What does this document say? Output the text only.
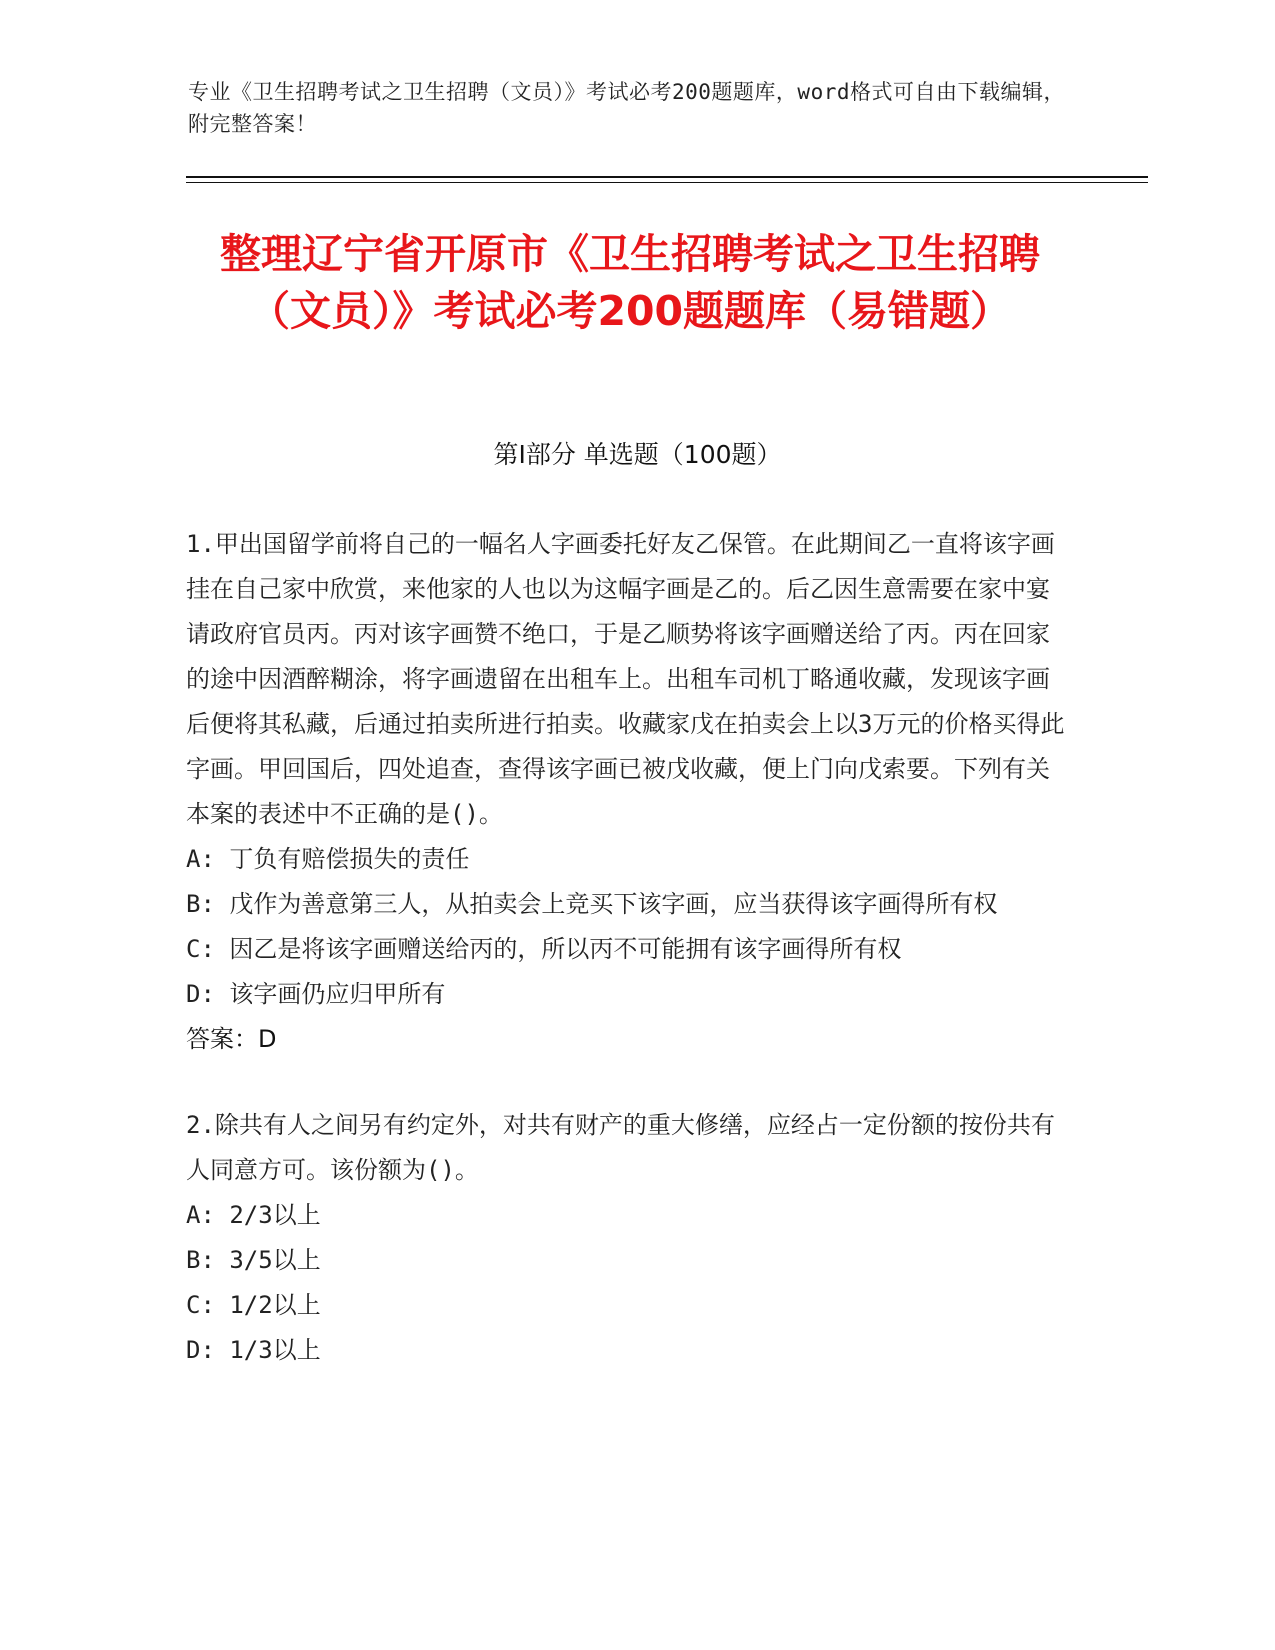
专业《卫生招聘考试之卫生招聘（文员）》考试必考200题题库，word格式可自由下载编辑，附完整答案！
整理辽宁省开原市《卫生招聘考试之卫生招聘（文员）》考试必考200题题库（易错题）
第I部分 单选题（100题）

1.甲出国留学前将自己的一幅名人字画委托好友乙保管。在此期间乙一直将该字画挂在自己家中欣赏，来他家的人也以为这幅字画是乙的。后乙因生意需要在家中宴请政府官员丙。丙对该字画赞不绝口，于是乙顺势将该字画赠送给了丙。丙在回家的途中因酒醉糊涂，将字画遗留在出租车上。出租车司机丁略通收藏，发现该字画后便将其私藏，后通过拍卖所进行拍卖。收藏家戊在拍卖会上以3万元的价格买得此字画。甲回国后，四处追查，查得该字画已被戊收藏，便上门向戊索要。下列有关本案的表述中不正确的是()。

A: 丁负有赔偿损失的责任

B: 戊作为善意第三人，从拍卖会上竞买下该字画，应当获得该字画得所有权

C: 因乙是将该字画赠送给丙的，所以丙不可能拥有该字画得所有权

D: 该字画仍应归甲所有

答案：D

2.除共有人之间另有约定外，对共有财产的重大修缮，应经占一定份额的按份共有人同意方可。该份额为()。

A: 2/3以上

B: 3/5以上

C: 1/2以上

D: 1/3以上
